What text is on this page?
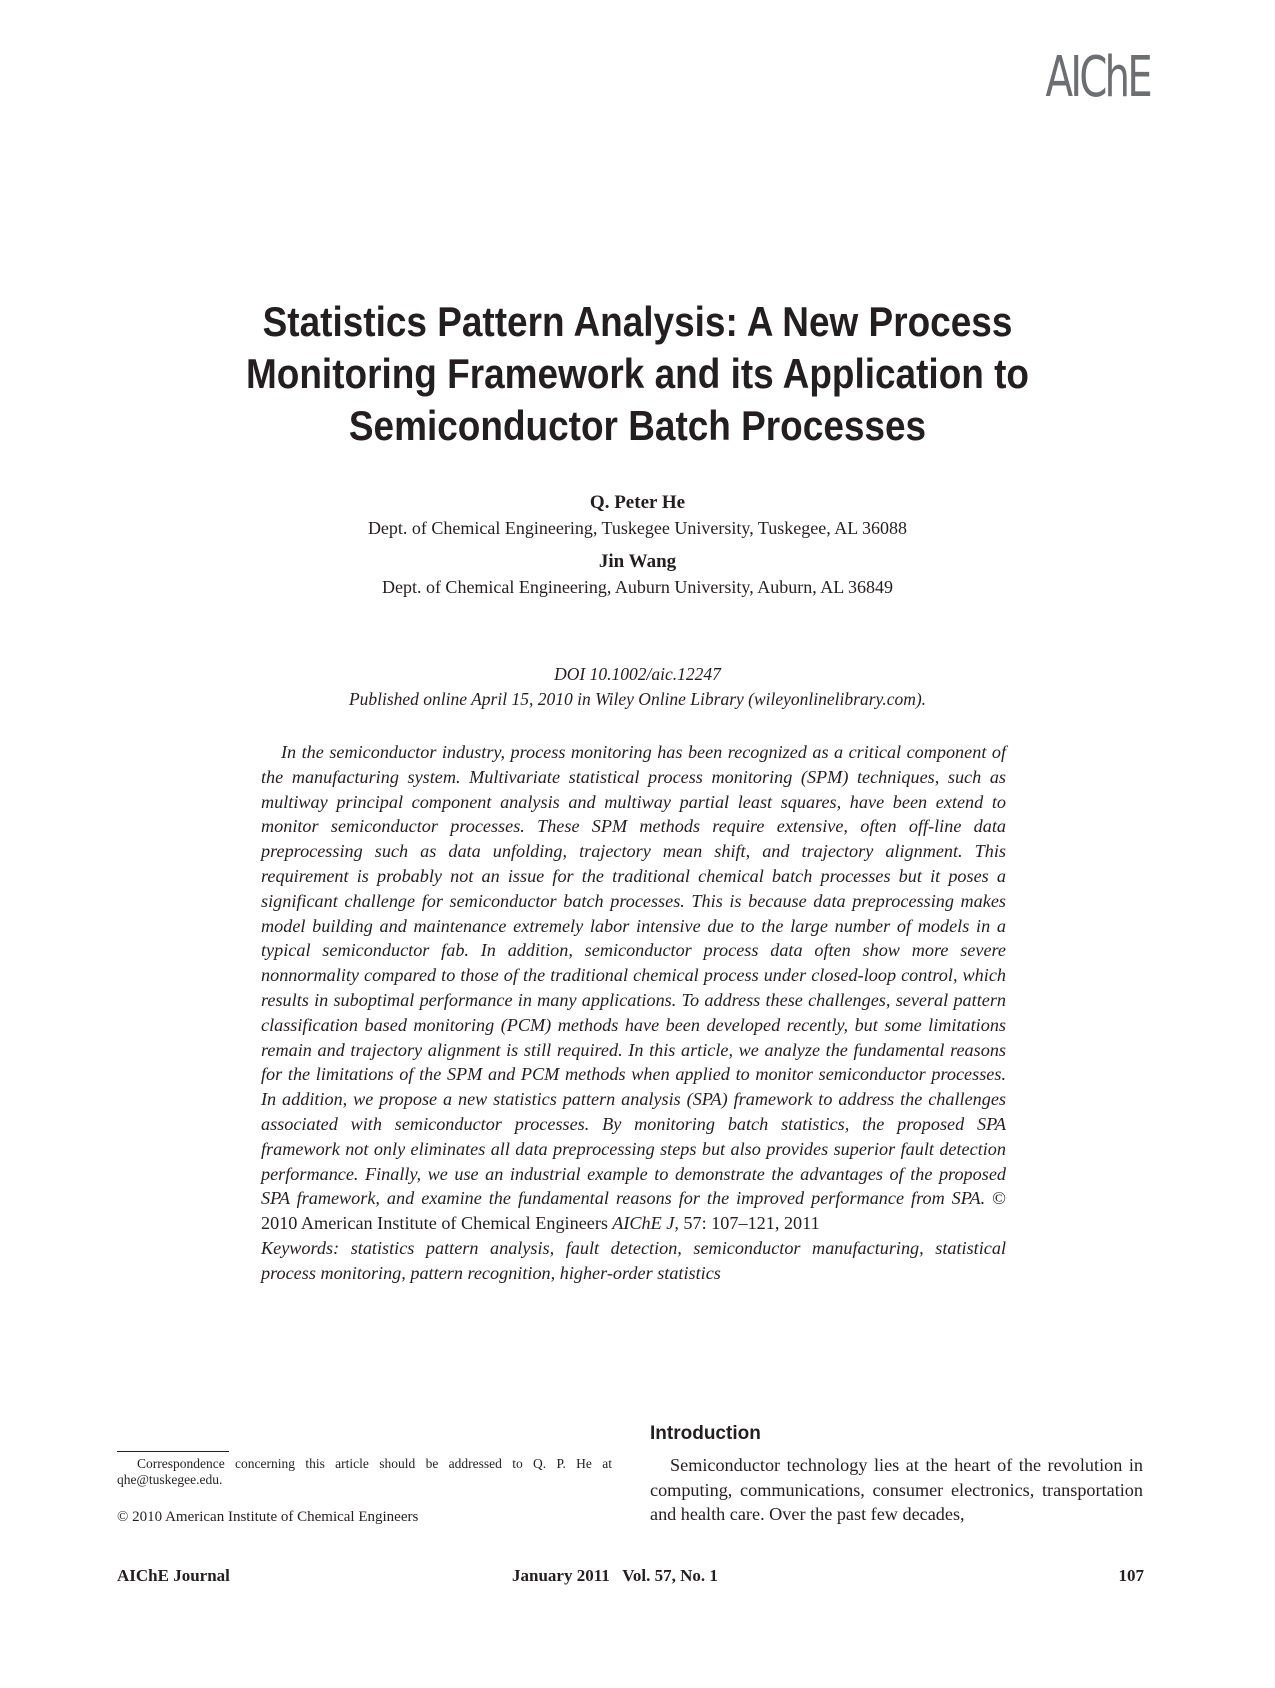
AIChE
Statistics Pattern Analysis: A New Process
Monitoring Framework and its Application to
Semiconductor Batch Processes
Q. Peter He
Dept. of Chemical Engineering, Tuskegee University, Tuskegee, AL 36088
Jin Wang
Dept. of Chemical Engineering, Auburn University, Auburn, AL 36849
DOI 10.1002/aic.12247
Published online April 15, 2010 in Wiley Online Library (wileyonlinelibrary.com).

In the semiconductor industry, process monitoring has been recognized as a critical component of the manufacturing system. Multivariate statistical process monitoring (SPM) techniques, such as multiway principal component analysis and multiway partial least squares, have been extend to monitor semiconductor processes. These SPM methods require extensive, often off-line data preprocessing such as data unfolding, trajectory mean shift, and trajectory alignment. This requirement is probably not an issue for the traditional chemical batch processes but it poses a significant challenge for semiconductor batch processes. This is because data preprocessing makes model building and maintenance extremely labor intensive due to the large number of models in a typical semiconductor fab. In addition, semiconductor process data often show more severe nonnormality compared to those of the traditional chemical process under closed-loop control, which results in suboptimal performance in many applications. To address these challenges, several pattern classification based monitoring (PCM) methods have been developed recently, but some limitations remain and trajectory alignment is still required. In this article, we analyze the fundamental reasons for the limitations of the SPM and PCM methods when applied to monitor semiconductor processes. In addition, we propose a new statistics pattern analysis (SPA) framework to address the challenges associated with semiconductor processes. By monitoring batch statistics, the proposed SPA framework not only eliminates all data preprocessing steps but also provides superior fault detection performance. Finally, we use an industrial example to demonstrate the advantages of the proposed SPA framework, and examine the fundamental reasons for the improved performance from SPA. © 2010 American Institute of Chemical Engineers AIChE J, 57: 107–121, 2011

Keywords: statistics pattern analysis, fault detection, semiconductor manufacturing, statistical process monitoring, pattern recognition, higher-order statistics

Introduction
Semiconductor technology lies at the heart of the revolution in computing, communications, consumer electronics, transportation and health care. Over the past few decades,

Correspondence concerning this article should be addressed to Q. P. He at qhe@tuskegee.edu.

© 2010 American Institute of Chemical Engineers
AIChE Journal	January 2011   Vol. 57, No. 1	107
